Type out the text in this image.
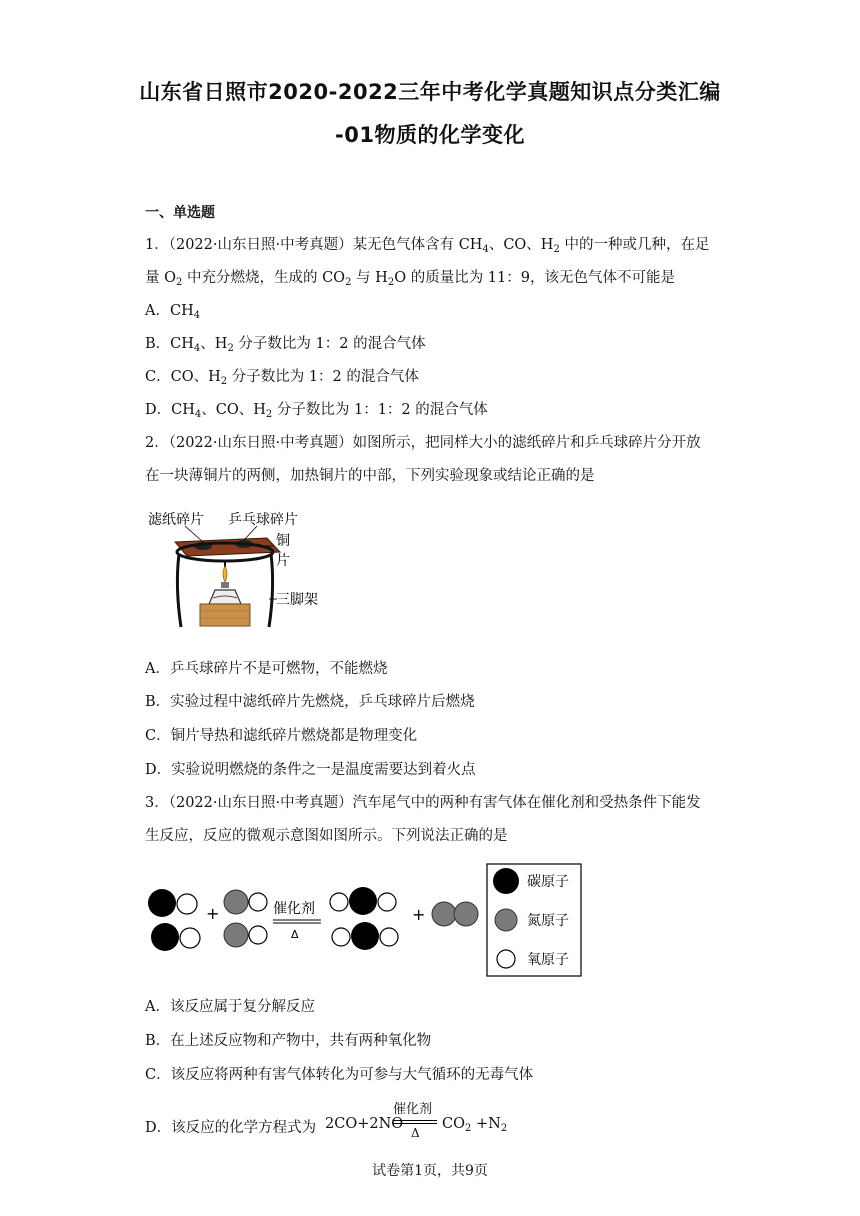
山东省日照市2020-2022三年中考化学真题知识点分类汇编
-01物质的化学变化
一、单选题
1．（2022·山东日照·中考真题）某无色气体含有 $CH_4$、CO、$H_2$ 中的一种或几种，在足
量 $O_2$ 中充分燃烧，生成的 $CO_2$ 与 $H_2O$ 的质量比为 11：9，该无色气体不可能是
A．$CH_4$
B．$CH_4$、$H_2$ 分子数比为 1：2 的混合气体
C．CO、$H_2$ 分子数比为 1：2 的混合气体
D．$CH_4$、CO、$H_2$ 分子数比为 1：1：2 的混合气体
2．（2022·山东日照·中考真题）如图所示，把同样大小的滤纸碎片和乒乓球碎片分开放
在一块薄铜片的两侧，加热铜片的中部，下列实验现象或结论正确的是
滤纸碎片 乒乓球碎片
铜
片
三脚架
A．乒乓球碎片不是可燃物，不能燃烧
B．实验过程中滤纸碎片先燃烧，乒乓球碎片后燃烧
C．铜片导热和滤纸碎片燃烧都是物理变化
D．实验说明燃烧的条件之一是温度需要达到着火点
3．（2022·山东日照·中考真题）汽车尾气中的两种有害气体在催化剂和受热条件下能发
生反应，反应的微观示意图如图所示。下列说法正确的是
+	催化剂
Δ
+
碳原子
氮原子
氧原子
A．该反应属于复分解反应
B．在上述反应物和产物中，共有两种氧化物
C．该反应将两种有害气体转化为可参与大气循环的无毒气体
D．该反应的化学方程式为 2CO+2NO
催化剂
Δ
$CO_2 +N_2$
试卷第1页，共9页
